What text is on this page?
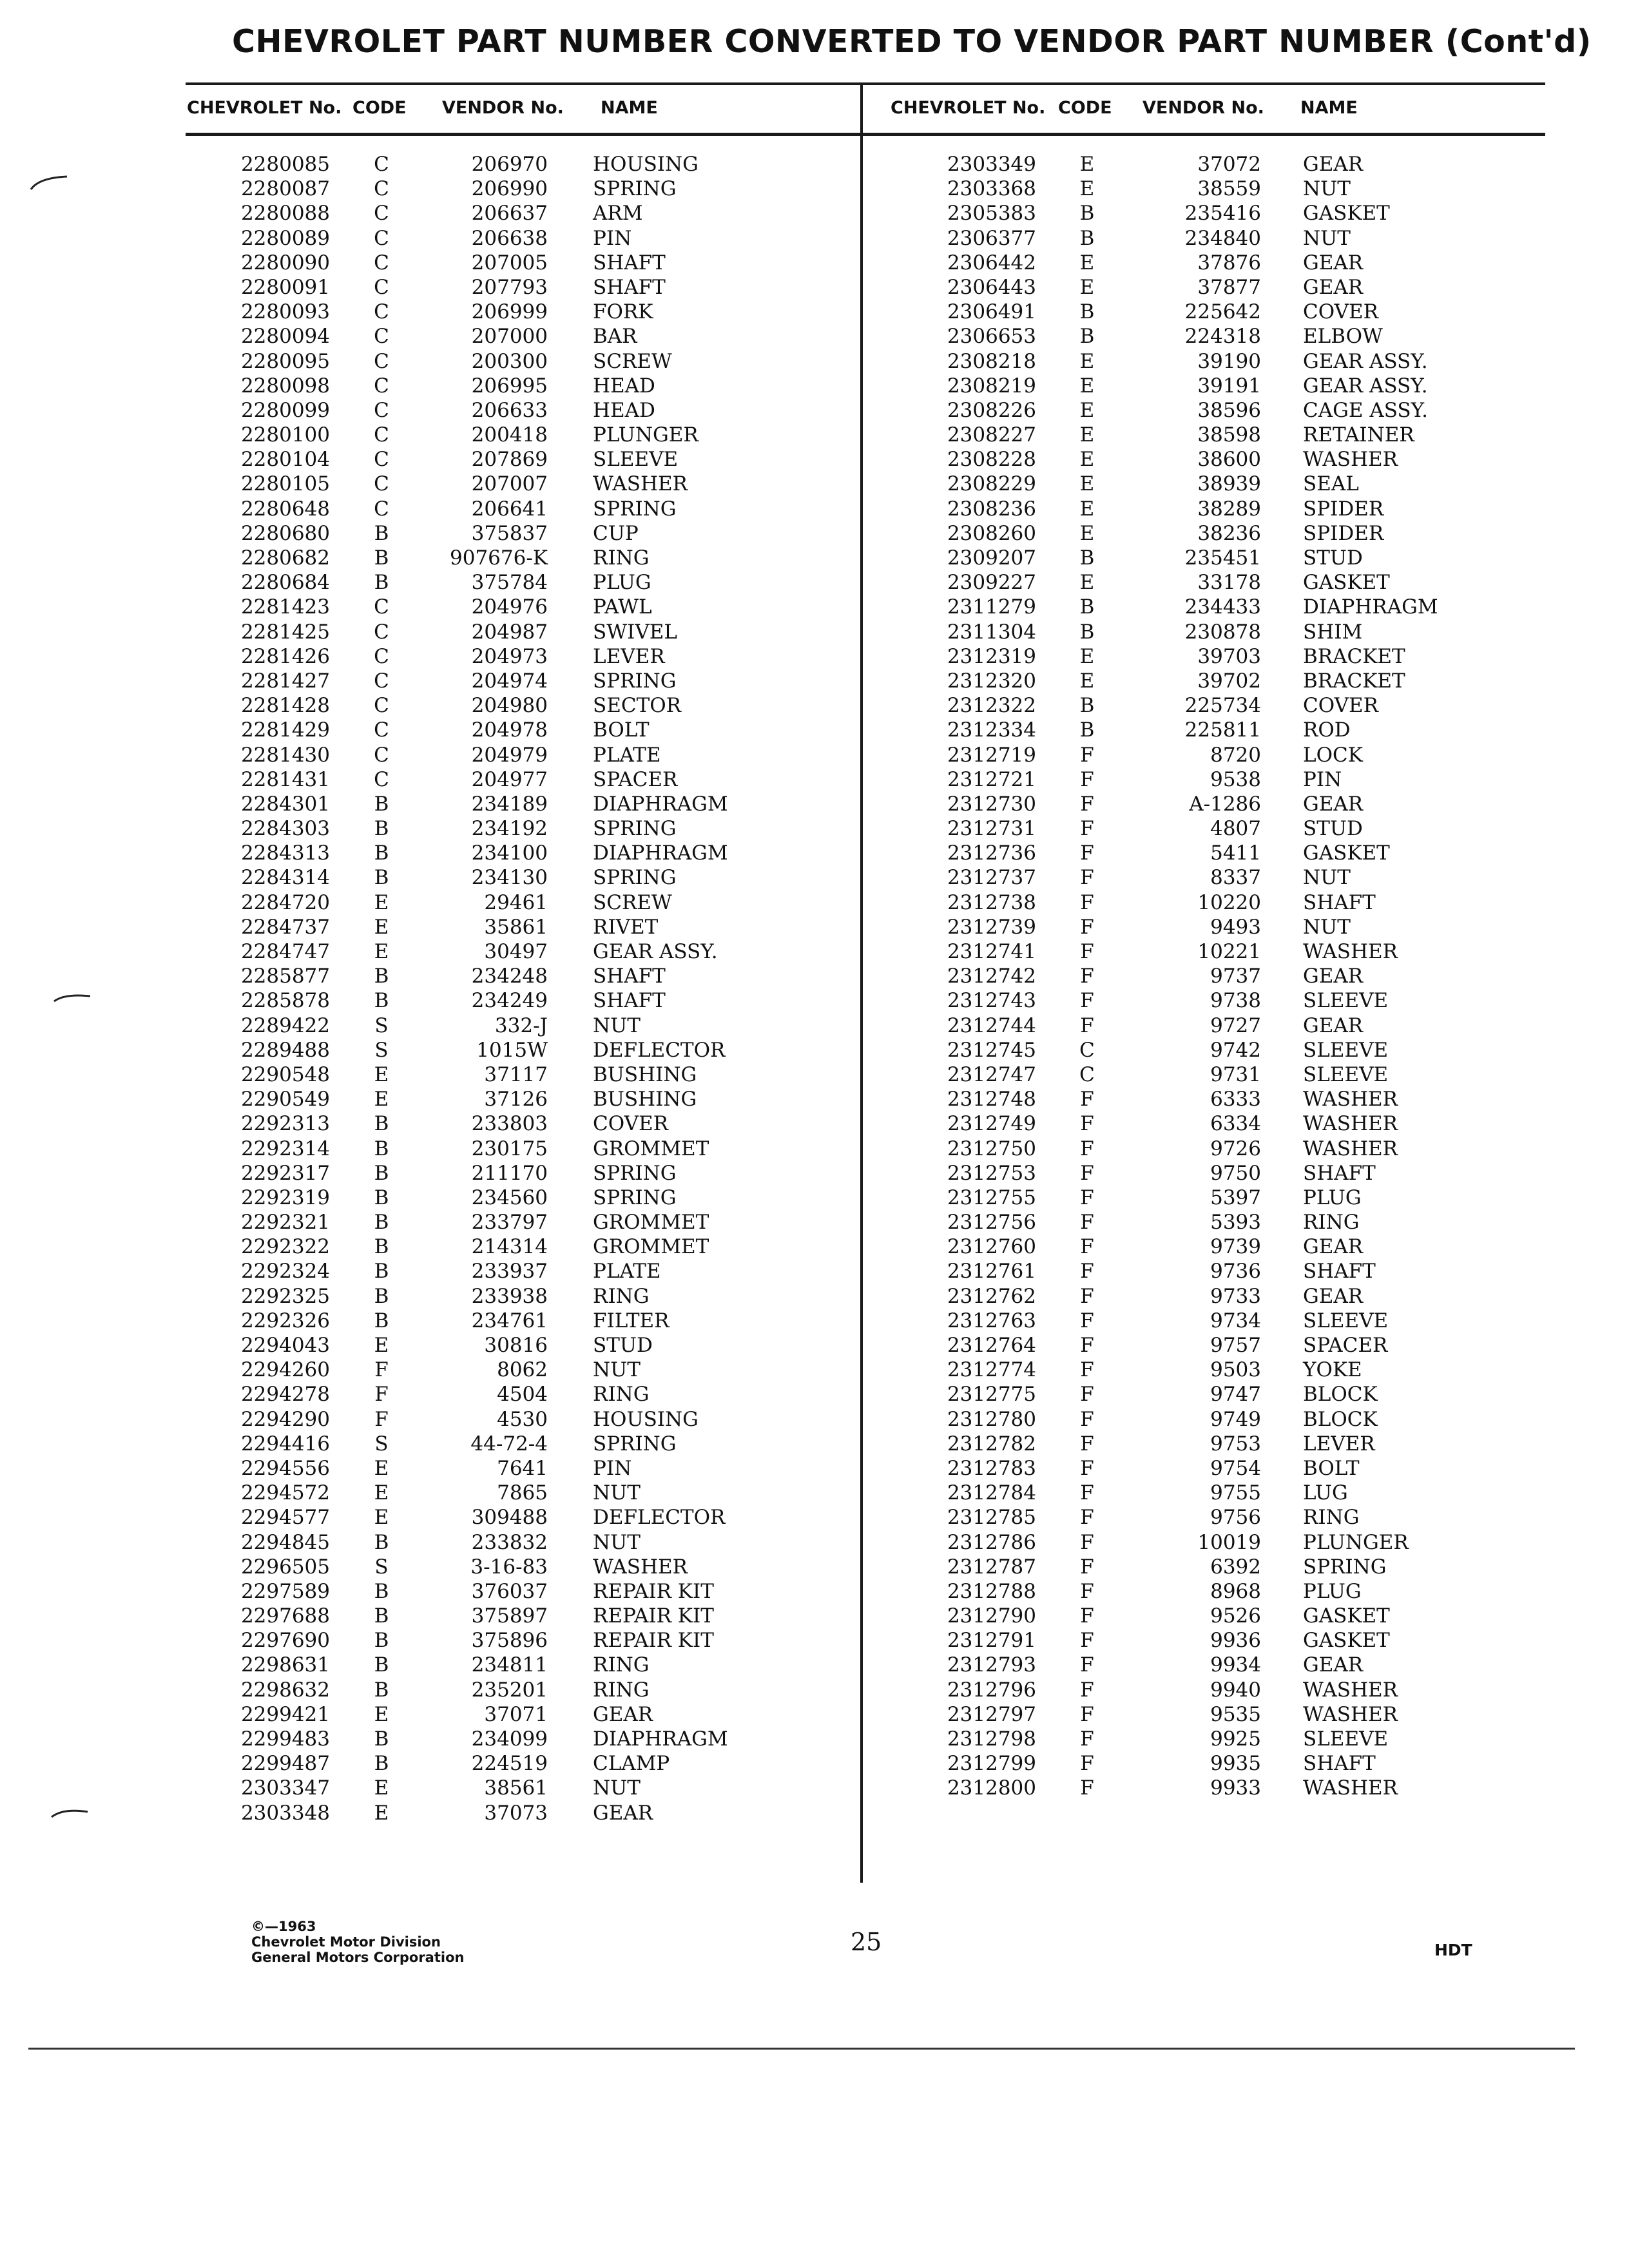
CHEVROLET PART NUMBER CONVERTED TO VENDOR PART NUMBER (Cont'd)
CHEVROLET No. CODE VENDOR No. NAME	CHEVROLET No. CODE VENDOR No. NAME
2280085 C	206970 HOUSING
2280087 C	206990 SPRING
2280088 C	206637 ARM
2280089 C	206638 PIN
2280090 C	207005 SHAFT
2280091 C	207793 SHAFT
2280093 C	206999 FORK
2280094 C	207000 BAR
2280095 C	200300 SCREW
2280098 C	206995 HEAD
2280099 C	206633 HEAD
2280100 C	200418 PLUNGER
2280104 C	207869 SLEEVE
2280105 C	207007 WASHER
2280648 C	206641 SPRING
2280680 B	375837 CUP
2280682 B	907676-K RING
2280684 B	375784 PLUG
2281423 C	204976 PAWL
2281425 C	204987 SWIVEL
2281426 C	204973 LEVER
2281427 C	204974 SPRING
2281428 C	204980 SECTOR
2281429 C	204978 BOLT
2281430 C	204979 PLATE
2281431 C	204977 SPACER
2284301 B	234189 DIAPHRAGM
2284303 B	234192 SPRING
2284313 B	234100 DIAPHRAGM
2284314 B	234130 SPRING
2284720 E	29461 SCREW
2284737 E	35861 RIVET
2284747 E	30497 GEAR ASSY.
2285877 B	234248 SHAFT
2285878 B	234249 SHAFT
2289422	S	332-J NUT
2289488	S	1015W DEFLECTOR
2290548 E	37117 BUSHING
2290549 E	37126 BUSHING
2292313 B	233803 COVER
2292314 B	230175 GROMMET
2292317 B	211170 SPRING
2292319 B	234560 SPRING
2292321 B	233797 GROMMET
2292322 B	214314 GROMMET
2292324 B	233937 PLATE
2292325 B	233938 RING
2292326 B	234761 FILTER
2294043 E	30816 STUD
2294260 F	8062 NUT
2294278 F	4504 RING
2294290 F	4530 HOUSING
2294416	S	44-72-4 SPRING
2294556 E	7641 PIN
2294572 E	7865 NUT
2294577 E	309488 DEFLECTOR
2294845 B	233832 NUT
2296505	S	3-16-83 WASHER
2297589 B	376037 REPAIR KIT
2297688 B	375897 REPAIR KIT
2297690 B	375896 REPAIR KIT
2298631 B	234811 RING
2298632 B	235201 RING
2299421 E	37071 GEAR
2299483 B	234099 DIAPHRAGM
2299487 B	224519 CLAMP
2303347 E	38561 NUT
2303348 E	37073 GEAR
2303349 E	37072 GEAR
2303368 E	38559 NUT
2305383 B	235416 GASKET
2306377 B	234840 NUT
2306442 E	37876 GEAR
2306443 E	37877 GEAR
2306491 B	225642 COVER
2306653 B	224318 ELBOW
2308218 E	39190 GEAR ASSY.
2308219 E	39191 GEAR ASSY.
2308226 E	38596 CAGE ASSY.
2308227 E	38598 RETAINER
2308228 E	38600 WASHER
2308229 E	38939 SEAL
2308236 E	38289 SPIDER
2308260 E	38236 SPIDER
2309207 B	235451 STUD
2309227 E	33178 GASKET
2311279 B	234433 DIAPHRAGM
2311304 B	230878 SHIM
2312319 E	39703 BRACKET
2312320 E	39702 BRACKET
2312322 B	225734 COVER
2312334 B	225811 ROD
2312719 F	8720 LOCK
2312721 F	9538 PIN
2312730 F	A-1286 GEAR
2312731 F	4807 STUD
2312736 F	5411 GASKET
2312737 F	8337 NUT
2312738 F	10220 SHAFT
2312739 F	9493 NUT
2312741 F	10221 WASHER
2312742 F	9737 GEAR
2312743 F	9738 SLEEVE
2312744 F	9727 GEAR
2312745 C	9742 SLEEVE
2312747 C	9731 SLEEVE
2312748 F	6333 WASHER
2312749 F	6334 WASHER
2312750 F	9726 WASHER
2312753 F	9750 SHAFT
2312755 F	5397 PLUG
2312756 F	5393 RING
2312760 F	9739 GEAR
2312761 F	9736 SHAFT
2312762 F	9733 GEAR
2312763 F	9734 SLEEVE
2312764 F	9757 SPACER
2312774 F	9503 YOKE
2312775 F	9747 BLOCK
2312780 F	9749 BLOCK
2312782 F	9753 LEVER
2312783 F	9754 BOLT
2312784 F	9755 LUG
2312785 F	9756 RING
2312786 F	10019 PLUNGER
2312787 F	6392 SPRING
2312788 F	8968 PLUG
2312790 F	9526 GASKET
2312791 F	9936 GASKET
2312793 F	9934 GEAR
2312796 F	9940 WASHER
2312797 F	9535 WASHER
2312798 F	9925 SLEEVE
2312799 F	9935 SHAFT
2312800 F	9933 WASHER
©—1963
Chevrolet Motor Division
General Motors Corporation
25	HDT
